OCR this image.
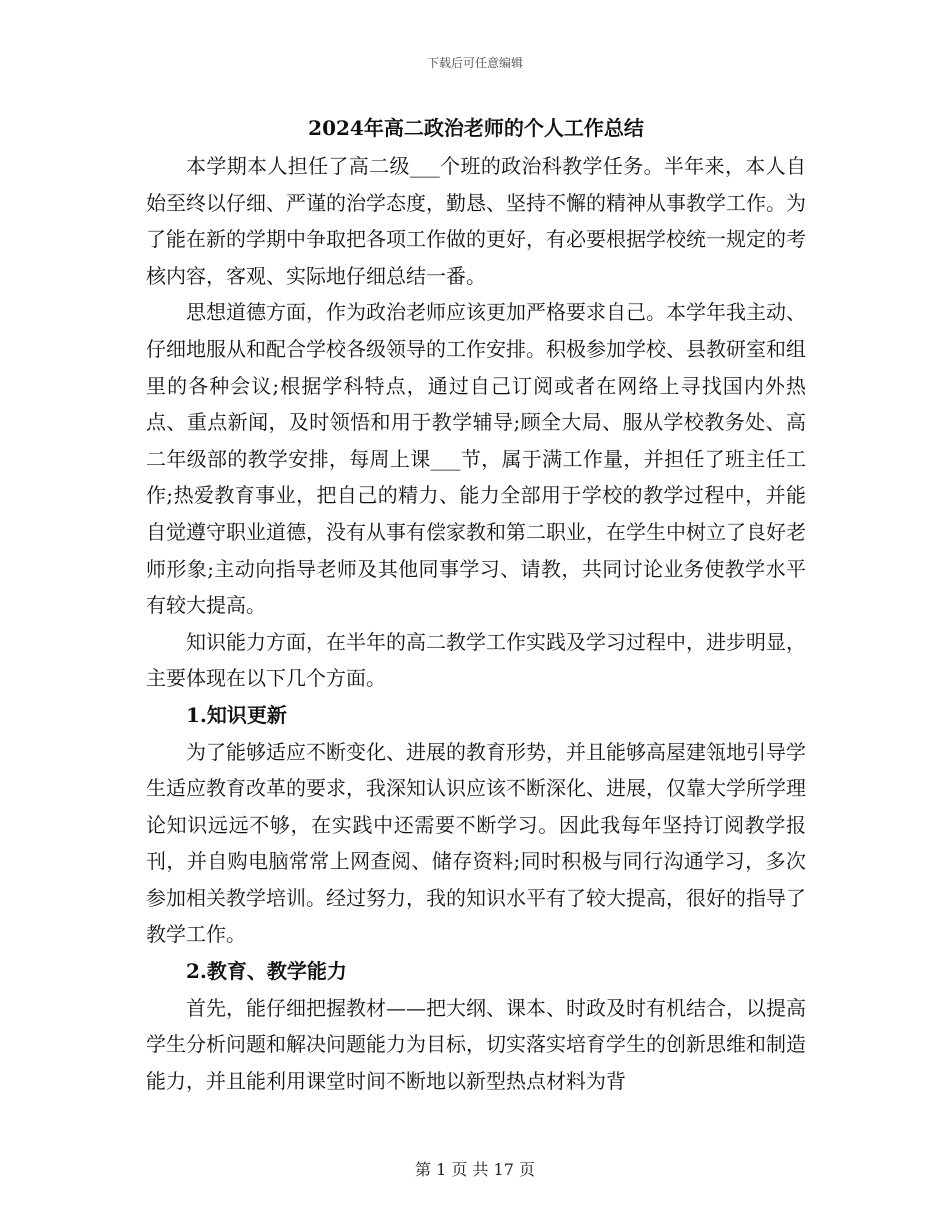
下载后可任意编辑
2024年高二政治老师的个人工作总结

本学期本人担任了高二级___个班的政治科教学任务。半年来，本人自始至终以仔细、严谨的治学态度，勤恳、坚持不懈的精神从事教学工作。为了能在新的学期中争取把各项工作做的更好，有必要根据学校统一规定的考核内容，客观、实际地仔细总结一番。

思想道德方面，作为政治老师应该更加严格要求自己。本学年我主动、仔细地服从和配合学校各级领导的工作安排。积极参加学校、县教研室和组里的各种会议;根据学科特点，通过自己订阅或者在网络上寻找国内外热点、重点新闻，及时领悟和用于教学辅导;顾全大局、服从学校教务处、高二年级部的教学安排，每周上课___节，属于满工作量，并担任了班主任工作;热爱教育事业，把自己的精力、能力全部用于学校的教学过程中，并能自觉遵守职业道德，没有从事有偿家教和第二职业，在学生中树立了良好老师形象;主动向指导老师及其他同事学习、请教，共同讨论业务使教学水平有较大提高。

知识能力方面，在半年的高二教学工作实践及学习过程中，进步明显，主要体现在以下几个方面。

1.知识更新

为了能够适应不断变化、进展的教育形势，并且能够高屋建瓴地引导学生适应教育改革的要求，我深知认识应该不断深化、进展，仅靠大学所学理论知识远远不够，在实践中还需要不断学习。因此我每年坚持订阅教学报刊，并自购电脑常常上网查阅、储存资料;同时积极与同行沟通学习，多次参加相关教学培训。经过努力，我的知识水平有了较大提高，很好的指导了教学工作。

2.教育、教学能力

首先，能仔细把握教材——把大纲、课本、时政及时有机结合，以提高学生分析问题和解决问题能力为目标，切实落实培育学生的创新思维和制造能力，并且能利用课堂时间不断地以新型热点材料为背

第 1 页 共 17 页
